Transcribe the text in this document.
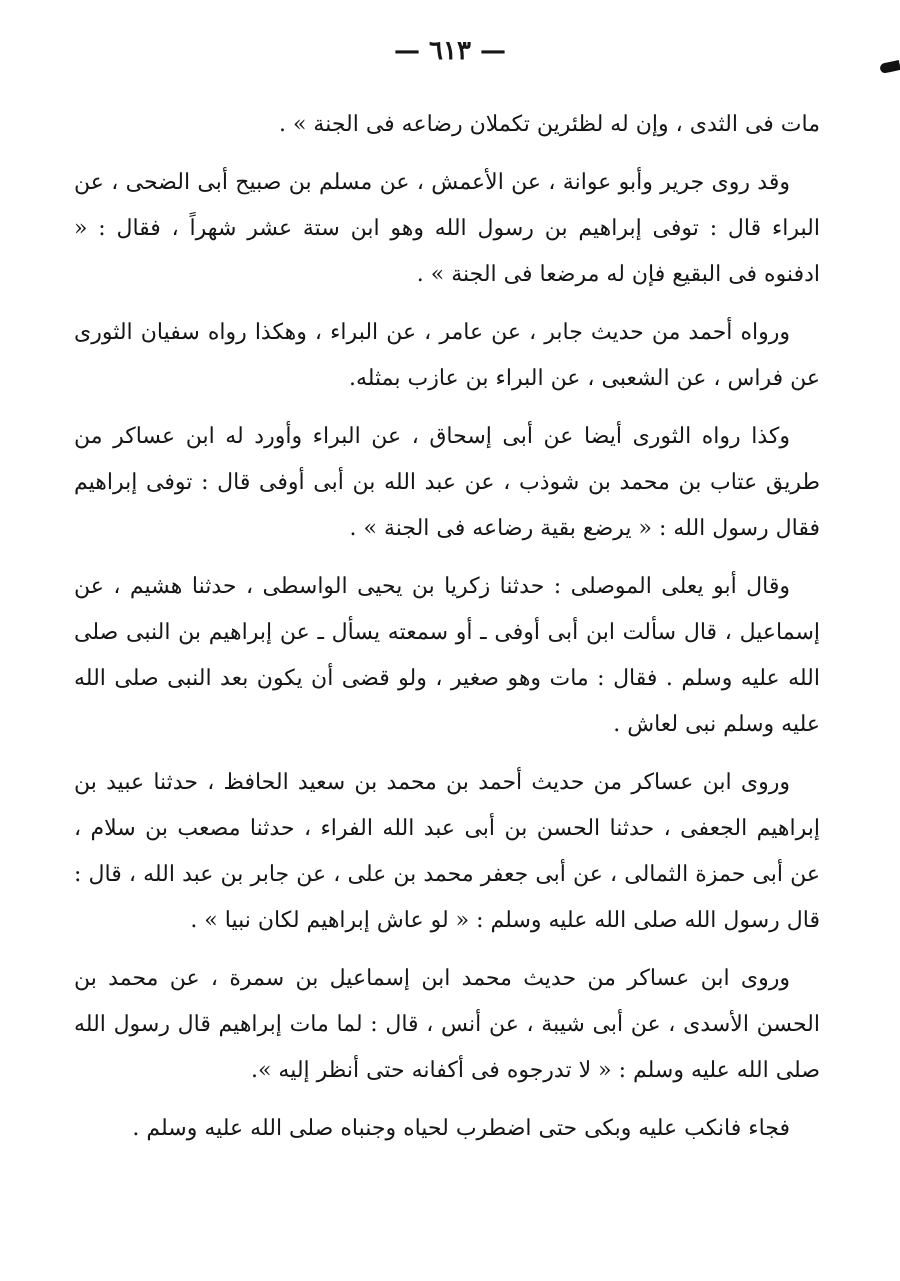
— ٦١٣ —

مات فى الثدى ، وإن له لظئرين تكملان رضاعه فى الجنة » .

وقد روى جرير وأبو عوانة ، عن الأعمش ، عن مسلم بن صبيح أبى الضحى ، عن البراء قال : توفى إبراهيم بن رسول الله وهو ابن ستة عشر شهراً ، فقال : « ادفنوه فى البقيع فإن له مرضعا فى الجنة » .

ورواه أحمد من حديث جابر ، عن عامر ، عن البراء ، وهكذا رواه سفيان الثورى عن فراس ، عن الشعبى ، عن البراء بن عازب بمثله.

وكذا رواه الثورى أيضا عن أبى إسحاق ، عن البراء وأورد له ابن عساكر من طريق عتاب بن محمد بن شوذب ، عن عبد الله بن أبى أوفى قال : توفى إبراهيم فقال رسول الله : « يرضع بقية رضاعه فى الجنة » .

وقال أبو يعلى الموصلى : حدثنا زكريا بن يحيى الواسطى ، حدثنا هشيم ، عن إسماعيل ، قال سألت ابن أبى أوفى ـ أو سمعته يسأل ـ عن إبراهيم بن النبى صلى الله عليه وسلم . فقال : مات وهو صغير ، ولو قضى أن يكون بعد النبى صلى الله عليه وسلم نبى لعاش .

وروى ابن عساكر من حديث أحمد بن محمد بن سعيد الحافظ ، حدثنا عبيد بن إبراهيم الجعفى ، حدثنا الحسن بن أبى عبد الله الفراء ، حدثنا مصعب بن سلام ، عن أبى حمزة الثمالى ، عن أبى جعفر محمد بن على ، عن جابر بن عبد الله ، قال : قال رسول الله صلى الله عليه وسلم : « لو عاش إبراهيم لكان نبيا » .

وروى ابن عساكر من حديث محمد ابن إسماعيل بن سمرة ، عن محمد بن الحسن الأسدى ، عن أبى شيبة ، عن أنس ، قال : لما مات إبراهيم قال رسول الله صلى الله عليه وسلم : « لا تدرجوه فى أكفانه حتى أنظر إليه ».

فجاء فانكب عليه وبكى حتى اضطرب لحياه وجنباه صلى الله عليه وسلم .
